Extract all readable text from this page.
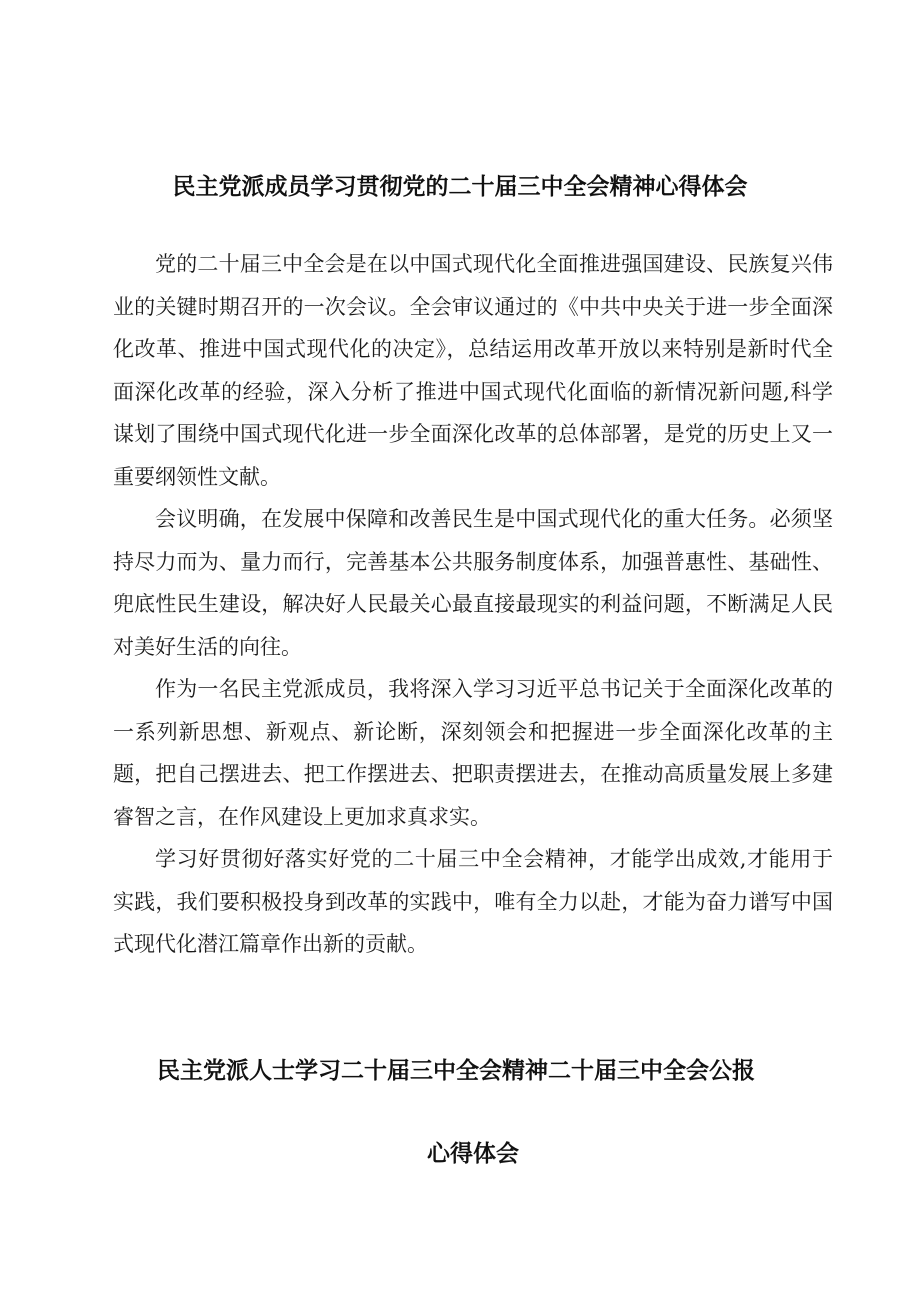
民主党派成员学习贯彻党的二十届三中全会精神心得体会

党的二十届三中全会是在以中国式现代化全面推进强国建设、民族复兴伟业的关键时期召开的一次会议。全会审议通过的《中共中央关于进一步全面深化改革、推进中国式现代化的决定》，总结运用改革开放以来特别是新时代全面深化改革的经验，深入分析了推进中国式现代化面临的新情况新问题,科学谋划了围绕中国式现代化进一步全面深化改革的总体部署，是党的历史上又一重要纲领性文献。

会议明确，在发展中保障和改善民生是中国式现代化的重大任务。必须坚持尽力而为、量力而行，完善基本公共服务制度体系，加强普惠性、基础性、兜底性民生建设，解决好人民最关心最直接最现实的利益问题，不断满足人民对美好生活的向往。

作为一名民主党派成员，我将深入学习习近平总书记关于全面深化改革的一系列新思想、新观点、新论断，深刻领会和把握进一步全面深化改革的主题，把自己摆进去、把工作摆进去、把职责摆进去，在推动高质量发展上多建睿智之言，在作风建设上更加求真求实。

学习好贯彻好落实好党的二十届三中全会精神，才能学出成效,才能用于实践，我们要积极投身到改革的实践中，唯有全力以赴，才能为奋力谱写中国式现代化潜江篇章作出新的贡献。

民主党派人士学习二十届三中全会精神二十届三中全会公报
心得体会
